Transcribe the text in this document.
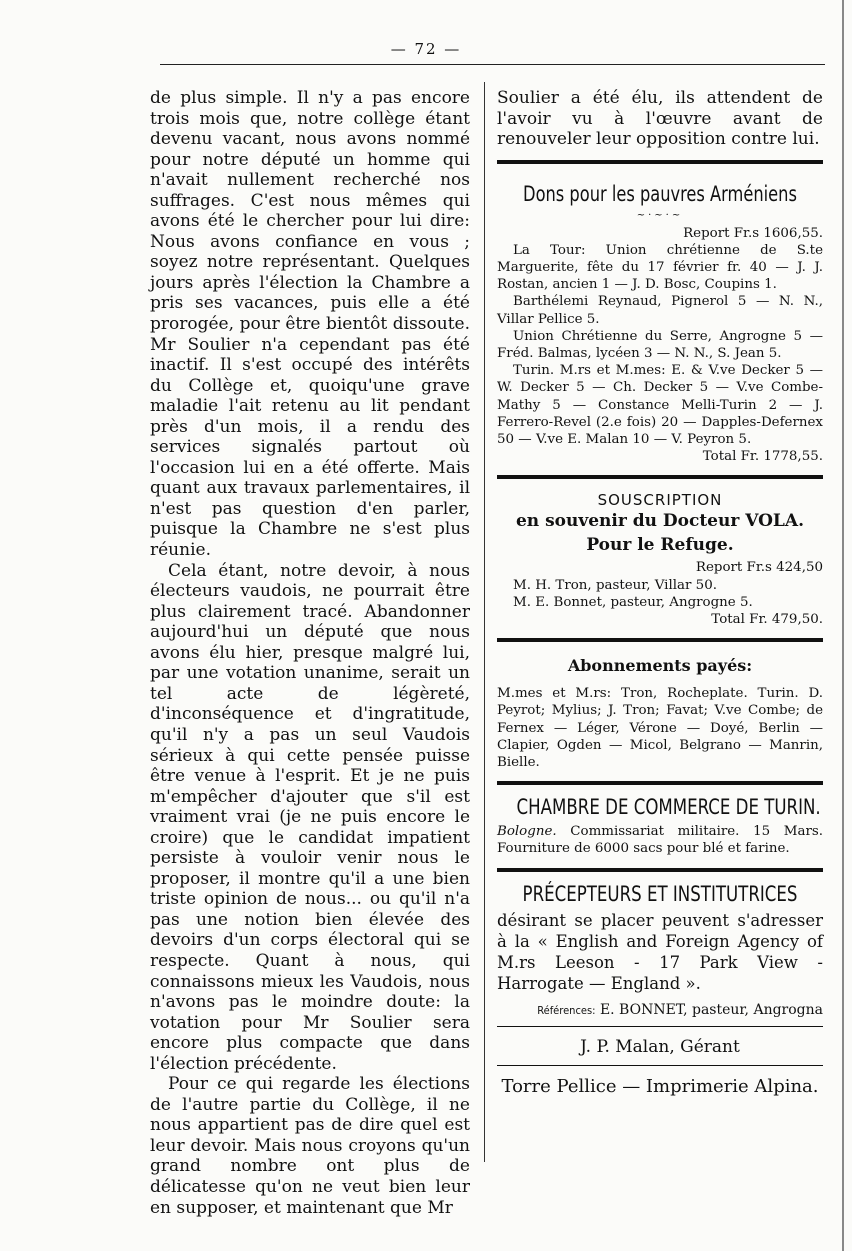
— 72 —

de plus simple. Il n'y a pas encore trois mois que, notre collège étant devenu vacant, nous avons nommé pour notre député un homme qui n'avait nullement recherché nos suffrages. C'est nous mêmes qui avons été le chercher pour lui dire: Nous avons confiance en vous ; soyez notre représentant. Quelques jours après l'élection la Chambre a pris ses vacances, puis elle a été prorogée, pour être bientôt dissoute. Mr Soulier n'a cependant pas été inactif. Il s'est occupé des intérêts du Collège et, quoiqu'une grave maladie l'ait retenu au lit pendant près d'un mois, il a rendu des services signalés partout où l'occasion lui en a été offerte. Mais quant aux travaux parlementaires, il n'est pas question d'en parler, puisque la Chambre ne s'est plus réunie.

Cela étant, notre devoir, à nous électeurs vaudois, ne pourrait être plus clairement tracé. Abandonner aujourd'hui un député que nous avons élu hier, presque malgré lui, par une votation unanime, serait un tel acte de légèreté, d'inconséquence et d'ingratitude, qu'il n'y a pas un seul Vaudois sérieux à qui cette pensée puisse être venue à l'esprit. Et je ne puis m'empêcher d'ajouter que s'il est vraiment vrai (je ne puis encore le croire) que le candidat impatient persiste à vouloir venir nous le proposer, il montre qu'il a une bien triste opinion de nous... ou qu'il n'a pas une notion bien élevée des devoirs d'un corps électoral qui se respecte. Quant à nous, qui connaissons mieux les Vaudois, nous n'avons pas le moindre doute: la votation pour Mr Soulier sera encore plus compacte que dans l'élection précédente.

Pour ce qui regarde les élections de l'autre partie du Collège, il ne nous appartient pas de dire quel est leur devoir. Mais nous croyons qu'un grand nombre ont plus de délicatesse qu'on ne veut bien leur en supposer, et maintenant que Mr

Soulier a été élu, ils attendent de l'avoir vu à l'œuvre avant de renouveler leur opposition contre lui.

Dons pour les pauvres Arméniens
~·~·~
Report Fr.s 1606,55.
La Tour: Union chrétienne de S.te Marguerite, fête du 17 février fr. 40 — J. J. Rostan, ancien 1 — J. D. Bosc, Coupins 1.
Barthélemi Reynaud, Pignerol 5 — N. N., Villar Pellice 5.
Union Chrétienne du Serre, Angrogne 5 — Fréd. Balmas, lycéen 3 — N. N., S. Jean 5.
Turin. M.rs et M.mes: E. & V.ve Decker 5 — W. Decker 5 — Ch. Decker 5 — V.ve Combe-Mathy 5 — Constance Melli-Turin 2 — J. Ferrero-Revel (2.e fois) 20 — Dapples-Defernex 50 — V.ve E. Malan 10 — V. Peyron 5.
Total Fr. 1778,55.
SOUSCRIPTION
en souvenir du Docteur VOLA.
Pour le Refuge.
Report Fr.s 424,50
M. H. Tron, pasteur, Villar 50.
M. E. Bonnet, pasteur, Angrogne 5.
Total Fr. 479,50.
Abonnements payés:

M.mes et M.rs: Tron, Rocheplate. Turin. D. Peyrot; Mylius; J. Tron; Favat; V.ve Combe; de Fernex — Léger, Vérone — Doyé, Berlin — Clapier, Ogden — Micol, Belgrano — Manrin, Bielle.

CHAMBRE DE COMMERCE DE TURIN.

Bologne. Commissariat militaire. 15 Mars. Fourniture de 6000 sacs pour blé et farine.

PRÉCEPTEURS ET INSTITUTRICES

désirant se placer peuvent s'adresser à la « English and Foreign Agency of M.rs Leeson - 17 Park View - Harrogate — England ».

Références: E. BONNET, pasteur, Angrogna
J. P. Malan, Gérant
Torre Pellice — Imprimerie Alpina.
